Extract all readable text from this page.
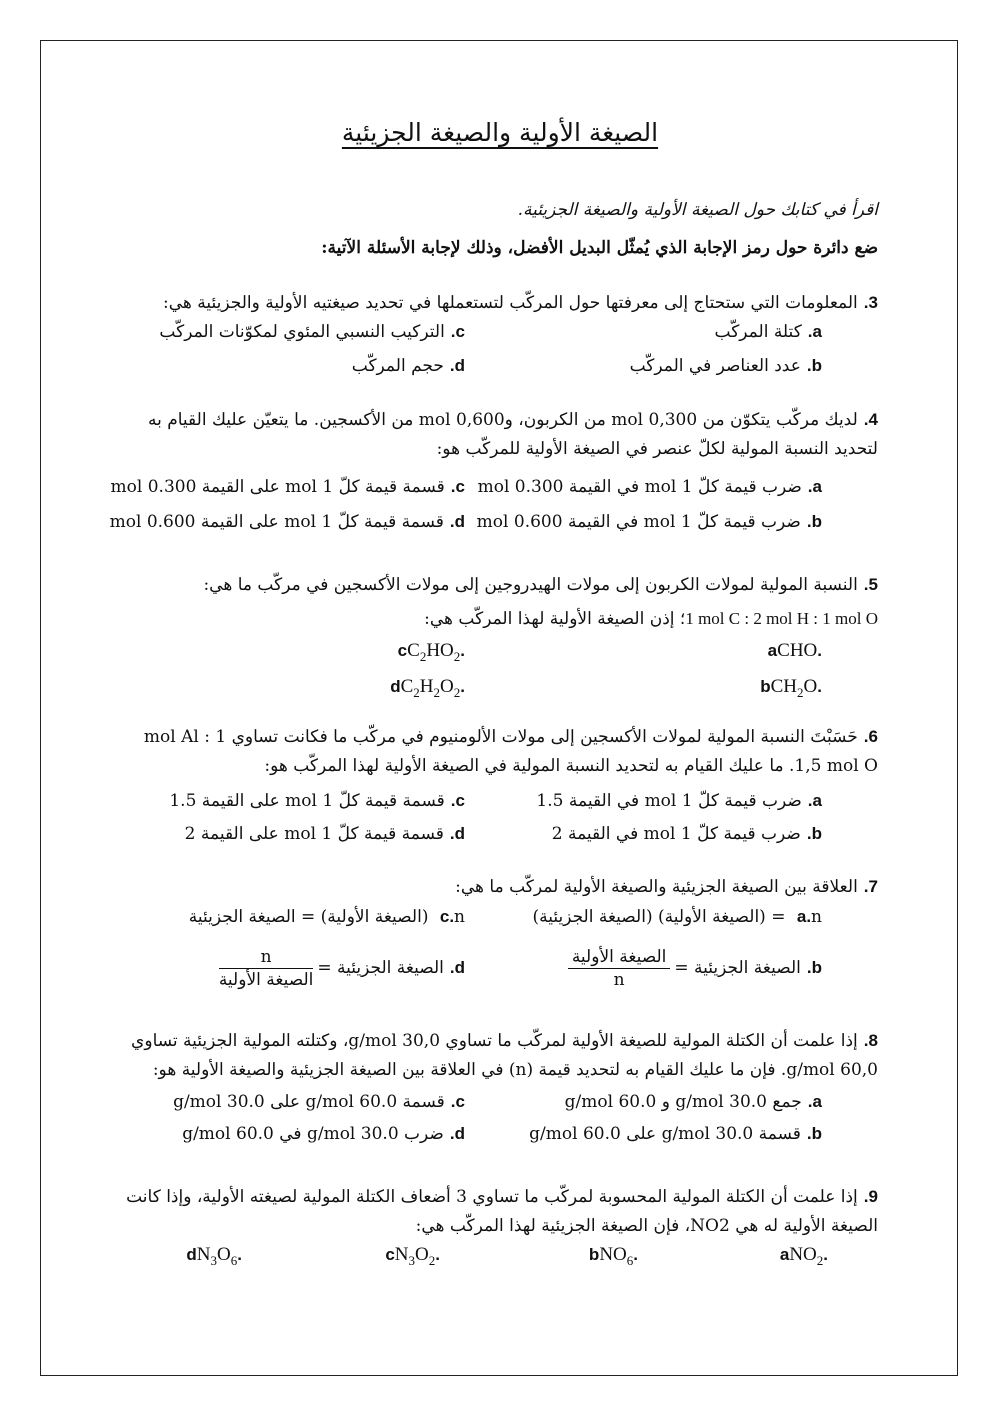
الصيغة الأولية والصيغة الجزيئية
اقرأ في كتابك حول الصيغة الأولية والصيغة الجزيئية.
ضع دائرة حول رمز الإجابة الذي يُمثّل البديل الأفضل، وذلك لإجابة الأسئلة الآتية:
3.المعلومات التي ستحتاج إلى معرفتها حول المركّب لتستعملها في تحديد صيغتيه الأولية والجزيئية هي:
a.كتلة المركّب
c.التركيب النسبي المئوي لمكوّنات المركّب
b.عدد العناصر في المركّب
d.حجم المركّب
4.لديك مركّب يتكوّن من 0,300 mol من الكربون، و0,600 mol من الأكسجين. ما يتعيّن عليك القيام به لتحديد النسبة المولية لكلّ عنصر في الصيغة الأولية للمركّب هو:
a.ضرب قيمة كلّ 1 mol في القيمة 0.300 mol
c.قسمة قيمة كلّ 1 mol على القيمة 0.300 mol
b.ضرب قيمة كلّ 1 mol في القيمة 0.600 mol
d.قسمة قيمة كلّ 1 mol على القيمة 0.600 mol
5.النسبة المولية لمولات الكربون إلى مولات الهيدروجين إلى مولات الأكسجين في مركّب ما هي:
1 mol C : 2 mol H : 1 mol O؛ إذن الصيغة الأولية لهذا المركّب هي:
.aCHO
$.cC_2HO_2$
.bCH$_2$O
$.dC_2H_2O_2$
6.حَسَبْتَ النسبة المولية لمولات الأكسجين إلى مولات الألومنيوم في مركّب ما فكانت تساوي 1 mol Al : 1,5 mol O. ما عليك القيام به لتحديد النسبة المولية في الصيغة الأولية لهذا المركّب هو:
a.ضرب قيمة كلّ 1 mol في القيمة 1.5
c.قسمة قيمة كلّ 1 mol على القيمة 1.5
b.ضرب قيمة كلّ 1 mol في القيمة 2
d.قسمة قيمة كلّ 1 mol على القيمة 2
7.العلاقة بين الصيغة الجزيئية والصيغة الأولية لمركّب ما هي:
a.n = (الصيغة الأولية) (الصيغة الجزيئية)
c.n (الصيغة الأولية) = الصيغة الجزيئية
b.الصيغة الجزيئية =
$\frac{\text{الصيغة الأولية}}{n}$
d.الصيغة الجزيئية =
$\frac{n}{\text{الصيغة الأولية}}$
8.إذا علمت أن الكتلة المولية للصيغة الأولية لمركّب ما تساوي 30,0 g/mol، وكتلته المولية الجزيئية تساوي 60,0 g/mol. فإن ما عليك القيام به لتحديد قيمة (n) في العلاقة بين الصيغة الجزيئية والصيغة الأولية هو:
a.جمع 30.0 g/mol و 60.0 g/mol
c.قسمة 60.0 g/mol على 30.0 g/mol
b.قسمة 30.0 g/mol على 60.0 g/mol
d.ضرب 30.0 g/mol في 60.0 g/mol
9.إذا علمت أن الكتلة المولية المحسوبة لمركّب ما تساوي 3 أضعاف الكتلة المولية لصيغته الأولية، وإذا كانت الصيغة الأولية له هي NO2، فإن الصيغة الجزيئية لهذا المركّب هي:
.aNO$_2$
.bNO$_6$
$.cN_3O_2$
$.dN_3O_6$
